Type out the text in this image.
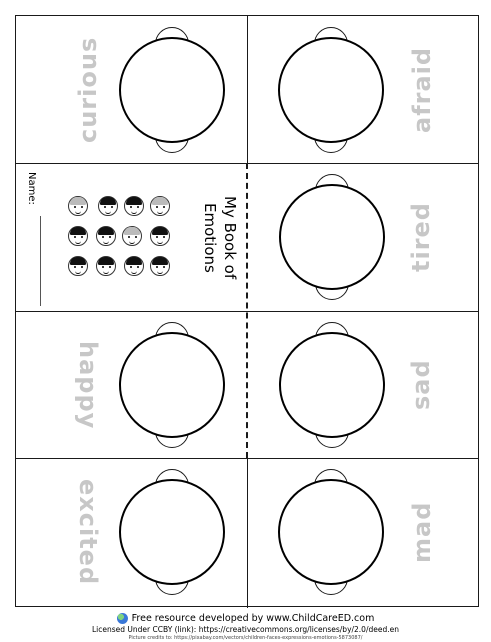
curious	afraid
Name:
My Book of Emotions	tired
happy	sad
excited	mad
Free resource developed by www.ChildCareED.com
Licensed Under CCBY (link): https://creativecommons.org/licenses/by/2.0/deed.en
Picture credits to: https://pixabay.com/vectors/children-faces-expressions-emotions-5873087/
